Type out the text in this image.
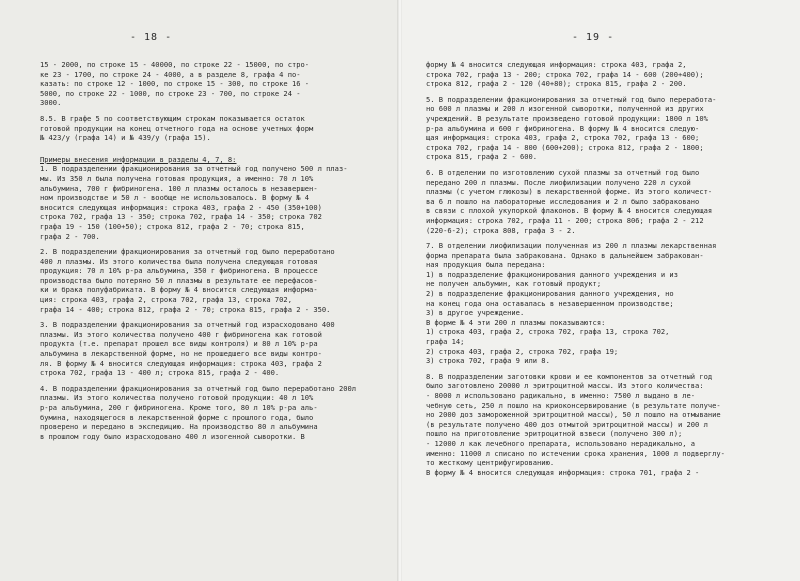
- 18 -
15 - 2000, по строке 15 - 40000, по строке 22 - 15000, по стро-
ке 23 - 1700, по строке 24 - 4000, а в разделе 8, графа 4 по-
казать: по строке 12 - 1000, по строке 15 - 300, по строке 16 -
5000, по строке 22 - 1000, по строке 23 - 700, по строке 24 -
3000.
8.5. В графе 5 по соответствующим строкам показывается остаток
готовой продукции на конец отчетного года на основе учетных форм
№ 423/у (графа 14) и № 439/у (графа 15).
Примеры внесения информации в разделы 4, 7, 8:
1. В подразделении фракционирования за отчетный год получено 500 л плаз-
мы. Из 350 л была получена готовая продукция, а именно: 70 л 10%
альбумина, 700 г фибриногена. 100 л плазмы осталось в незавершен-
ном производстве и 50 л - вообще не использовалось. В форму № 4
вносится следующая информация: строка 403, графа 2 - 450 (350+100)
строка 702, графа 13 - 350; строка 702, графа 14 - 350; строка 702
графа 19 - 150 (100+50); строка 812, графа 2 - 70; строка 815,
графа 2 - 700.
2. В подразделении фракционирования за отчетный год было переработано
400 л плазмы. Из этого количества была получена следующая готовая
продукция: 70 л 10% р-ра альбумина, 350 г фибриногена. В процессе
производства было потеряно 50 л плазмы в результате ее перефасов-
ки и брака полуфабриката. В форму № 4 вносится следующая информа-
ция: строка 403, графа 2, строка 702, графа 13, строка 702,
графа 14 - 400; строка 812, графа 2 - 70; строка 815, графа 2 - 350.
3. В подразделении фракционирования за отчетный год израсходовано 400
плазмы. Из этого количества получено 400 г фибриногена как готовой
продукта (т.е. препарат прошел все виды контроля) и 80 л 10% р-ра
альбумина в лекарственной форме, но не прошедшего все виды контро-
ля. В форму № 4 вносится следующая информация: строка 403, графа 2
строка 702, графа 13 - 400 л; строка 815, графа 2 - 400.
4. В подразделении фракционирования за отчетный год было переработано 200л
плазмы. Из этого количества получено готовой продукции: 40 л 10%
р-ра альбумина, 200 г фибриногена. Кроме того, 80 л 10% р-ра аль-
бумина, находящегося в лекарственной форме с прошлого года, было
проверено и передано в экспедицию. На производство 80 л альбумина
в прошлом году было израсходовано 400 л изогенной сыворотки. В
- 19 -
форму № 4 вносится следующая информация: строка 403, графа 2,
строка 702, графа 13 - 200; строка 702, графа 14 - 600 (200+400);
строка 812, графа 2 - 120 (40+80); строка 815, графа 2 - 200.
5. В подразделении фракционирования за отчетный год было переработа-
но 600 л плазмы и 200 л изогенной сыворотки, полученной из других
учреждений. В результате произведено готовой продукции: 1800 л 10%
р-ра альбумина и 600 г фибриногена. В форму № 4 вносится следую-
щая информация: строка 403, графа 2, строка 702, графа 13 - 600;
строка 702, графа 14 - 800 (600+200); строка 812, графа 2 - 1800;
строка 815, графа 2 - 600.
6. В отделении по изготовлению сухой плазмы за отчетный год было
передано 200 л плазмы. После лиофилизации получено 220 л сухой
плазмы (с учетом глюкозы) в лекарственной форме. Из этого количест-
ва 6 л пошло на лабораторные исследования и 2 л было забраковано
в связи с плохой укупоркой флаконов. В форму № 4 вносится следующая
информация: строка 702, графа 11 - 200; строка 806; графа 2 - 212
(220-6-2); строка 808, графа 3 - 2.
7. В отделении лиофилизации полученная из 200 л плазмы лекарственная
форма препарата была забракована. Однако в дальнейшем забракован-
ная продукция была передана:
1) в подразделение фракционирования данного учреждения и из
не получен альбумин, как готовый продукт;
2) в подразделение фракционирования данного учреждения, но
на конец года она оставалась в незавершенном производстве;
3) в другое учреждение.
В форме № 4 эти 200 л плазмы показываются:
1) строка 403, графа 2, строка 702, графа 13, строка 702,
графа 14;
2) строка 403, графа 2, строка 702, графа 19;
3) строка 702, графа 9 или 8.
8. В подразделении заготовки крови и ее компонентов за отчетный год
было заготовлено 20000 л эритроцитной массы. Из этого количества:
- 8000 л использовано радикально, в именно: 7500 л выдано в ле-
чебную сеть, 250 л пошло на криоконсервирование (в результате получе-
но 2000 доз замороженной эритроцитной массы), 50 л пошло на отмывание
(в результате получено 400 доз отмытой эритроцитной массы) и 200 л
пошло на приготовление эритроцитной взвеси (получено 300 л);
- 12000 л как лечебного препарата, использовано нерадикально, а
именно: 11000 л списано по истечении срока хранения, 1000 л подверглу-
то жесткому центрифугированию.
В форму № 4 вносится следующая информация: строка 701, графа 2 -
